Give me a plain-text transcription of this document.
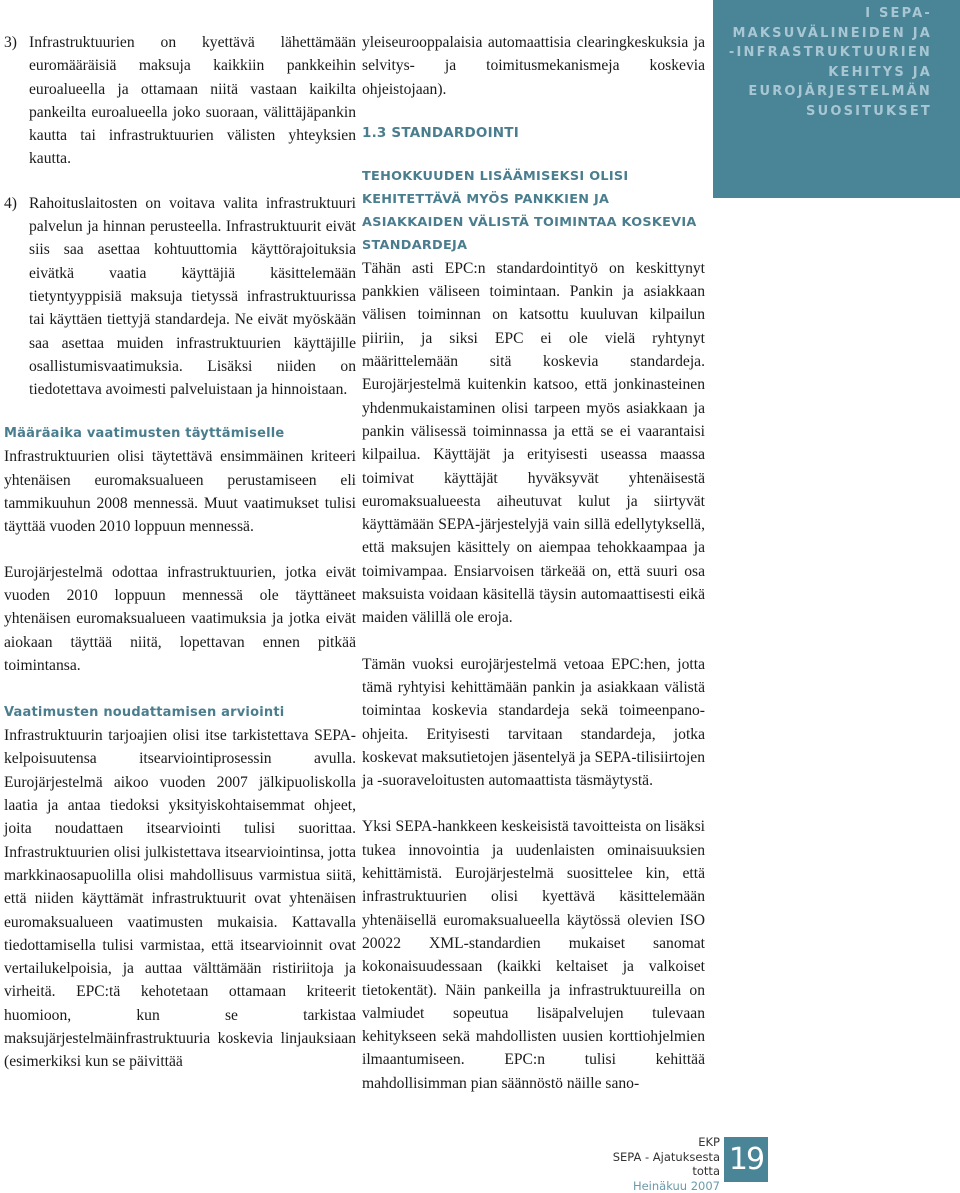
I SEPA-
MAKSUVÄLINEIDEN JA
-INFRASTRUKTUURIEN
KEHITYS JA
EUROJÄRJESTELMÄN
SUOSITUKSET

3) Infrastruktuurien on kyettävä lähettämään euromääräisiä maksuja kaikkiin pankkeihin euroalueella ja ottamaan niitä vastaan kaikilta pankeilta euroalueella joko suoraan, välittäjäpankin kautta tai infrastruktuurien välisten yhteyksien kautta.

4) Rahoituslaitosten on voitava valita infrastruktuuri palvelun ja hinnan perusteella. Infrastruktuurit eivät siis saa asettaa kohtuuttomia käyttörajoituksia eivätkä vaatia käyttäjiä käsittelemään tietyntyyppisiä maksuja tietyssä infrastruktuurissa tai käyttäen tiettyjä standardeja. Ne eivät myöskään saa asettaa muiden infrastruktuurien käyttäjille osallistumisvaatimuksia. Lisäksi niiden on tiedotettava avoimesti palveluistaan ja hinnoistaan.

Määräaika vaatimusten täyttämiselle

Infrastruktuurien olisi täytettävä ensimmäinen kriteeri yhtenäisen euromaksualueen perustamiseen eli tammikuuhun 2008 mennessä. Muut vaatimukset tulisi täyttää vuoden 2010 loppuun mennessä.

Eurojärjestelmä odottaa infrastruktuurien, jotka eivät vuoden 2010 loppuun mennessä ole täyttäneet yhtenäisen euromaksualueen vaatimuksia ja jotka eivät aiokaan täyttää niitä, lopettavan ennen pitkää toimintansa.

Vaatimusten noudattamisen arviointi

Infrastruktuurin tarjoajien olisi itse tarkistettava SEPA-kelpoisuutensa itsearviointiprosessin avulla. Eurojärjestelmä aikoo vuoden 2007 jälkipuoliskolla laatia ja antaa tiedoksi yksityiskohtaisemmat ohjeet, joita noudattaen itsearviointi tulisi suorittaa. Infrastruktuurien olisi julkistettava itsearviointinsa, jotta markkinaosapuolilla olisi mahdollisuus varmistua siitä, että niiden käyttämät infrastruktuurit ovat yhtenäisen euromaksualueen vaatimusten mukaisia. Kattavalla tiedottamisella tulisi varmistaa, että itsearvioinnit ovat vertailukelpoisia, ja auttaa välttämään ristiriitoja ja virheitä. EPC:tä kehotetaan ottamaan kriteerit huomioon, kun se tarkistaa maksujärjestelmäinfrastruktuuria koskevia linjauksiaan (esimerkiksi kun se päivittää

yleiseurooppalaisia automaattisia clearingkeskuksia ja selvitys- ja toimitusmekanismeja koskevia ohjeistojaan).

1.3 STANDARDOINTI

TEHOKKUUDEN LISÄÄMISEKSI OLISI KEHITETTÄVÄ MYÖS PANKKIEN JA ASIAKKAIDEN VÄLISTÄ TOIMINTAA KOSKEVIA STANDARDEJA

Tähän asti EPC:n standardointityö on keskittynyt pankkien väliseen toimintaan. Pankin ja asiakkaan välisen toiminnan on katsottu kuuluvan kilpailun piiriin, ja siksi EPC ei ole vielä ryhtynyt määrittelemään sitä koskevia standardeja. Eurojärjestelmä kuitenkin katsoo, että jonkinasteinen yhdenmukaistaminen olisi tarpeen myös asiakkaan ja pankin välisessä toiminnassa ja että se ei vaarantaisi kilpailua. Käyttäjät ja erityisesti useassa maassa toimivat käyttäjät hyväksyvät yhtenäisestä euromaksualueesta aiheutuvat kulut ja siirtyvät käyttämään SEPA-järjestelyjä vain sillä edellytyksellä, että maksujen käsittely on aiempaa tehokkaampaa ja toimivampaa. Ensiarvoisen tärkeää on, että suuri osa maksuista voidaan käsitellä täysin automaattisesti eikä maiden välillä ole eroja.

Tämän vuoksi eurojärjestelmä vetoaa EPC:hen, jotta tämä ryhtyisi kehittämään pankin ja asiakkaan välistä toimintaa koskevia standardeja sekä toimeenpano-ohjeita. Erityisesti tarvitaan standardeja, jotka koskevat maksutietojen jäsentelyä ja SEPA-tilisiirtojen ja -suoraveloitusten automaattista täsmäytystä.

Yksi SEPA-hankkeen keskeisistä tavoitteista on lisäksi tukea innovointia ja uudenlaisten ominaisuuksien kehittämistä. Eurojärjestelmä suosittelee kin, että infrastruktuurien olisi kyettävä käsittelemään yhtenäisellä euromaksualueella käytössä olevien ISO 20022 XML-standardien mukaiset sanomat kokonaisuudessaan (kaikki keltaiset ja valkoiset tietokentät). Näin pankeilla ja infrastruktuureilla on valmiudet sopeutua lisäpalvelujen tulevaan kehitykseen sekä mahdollisten uusien korttiohjelmien ilmaantumiseen. EPC:n tulisi kehittää mahdollisimman pian säännöstö näille sano-

EKP
SEPA - Ajatuksesta totta
Heinäkuu 2007
19
